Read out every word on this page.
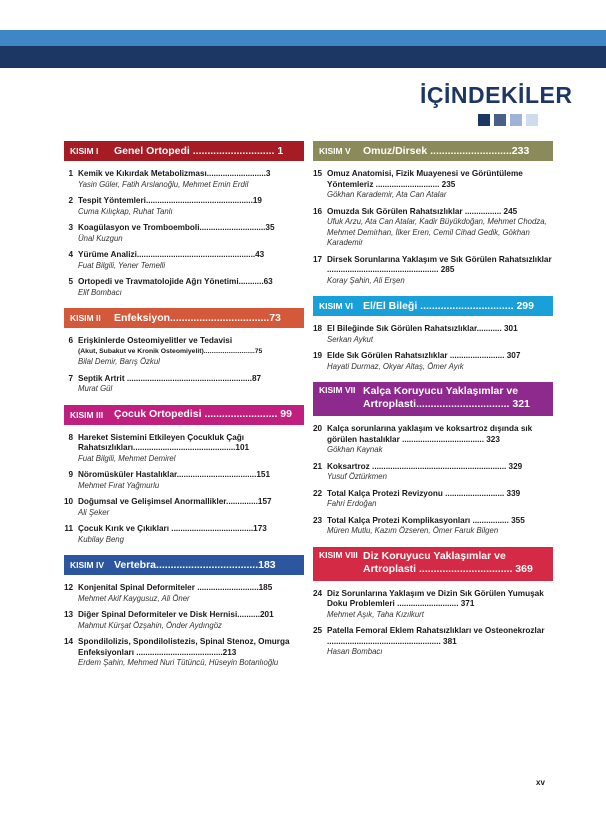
İÇİNDEKİLER
KISIM I	Genel Ortopedi ............................ 1
1 Kemik ve Kıkırdak Metabolizması..........................3
Yasin Güler, Fatih Arslanoğlu, Mehmet Emin Erdil
2 Tespit Yöntemleri...............................................19
Cuma Kılıçkap, Ruhat Tanlı
3 Koagülasyon ve Tromboemboli.............................35
Ünal Kuzgun
4 Yürüme Analizi....................................................43
Fuat Bilgili, Yener Temelli
5 Ortopedi ve Travmatolojide Ağrı Yönetimi...........63
Elif Bombacı
KISIM II	Enfeksiyon..................................73
6 Erişkinlerde Osteomiyelitler ve Tedavisi
(Akut, Subakut ve Kronik Osteomiyelit)...........................75
Bilal Demir, Barış Özkul
7 Septik Artrit .......................................................87
Murat Gül
KISIM III	Çocuk Ortopedisi ......................... 99
8 Hareket Sistemini Etkileyen Çocukluk Çağı Rahatsızlıkları.............................................101
Fuat Bilgili, Mehmet Demirel
9 Nöromüsküler Hastalıklar...................................151
Mehmet Fırat Yağmurlu
10 Doğumsal ve Gelişimsel Anormallikler..............157
Ali Şeker
11 Çocuk Kırık ve Çıkıkları ....................................173
Kubilay Beng
KISIM IV Vertebra...................................183
12 Konjenital Spinal Deformiteler ...........................185
Mehmet Akif Kaygusuz, Ali Öner
13 Diğer Spinal Deformiteler ve Disk Hernisi..........201
Mahmut Kürşat Özşahin, Önder Aydıngöz
14 Spondilolizis, Spondilolistezis, Spinal Stenoz, Omurga Enfeksiyonları ......................................213
Erdem Şahin, Mehmed Nuri Tütüncü, Hüseyin Botanlıoğlu
KISIM V	Omuz/Dirsek ............................233
15 Omuz Anatomisi, Fizik Muayenesi ve Görüntüleme Yöntemleriz ............................ 235
Gökhan Karademir, Ata Can Atalar
16 Omuzda Sık Görülen Rahatsızlıklar ................ 245
Ufuk Arzu, Ata Can Atalar, Kadir Büyükdoğan, Mehmet Chodza, Mehmet Demirhan, İlker Eren, Cemil Cihad Gedik, Gökhan Karademir
17 Dirsek Sorunlarına Yaklaşım ve Sık Görülen Rahatsızlıklar ................................................. 285
Koray Şahin, Ali Erşen
KISIM VI El/El Bileği ................................ 299
18 El Bileğinde Sık Görülen Rahatsızlıklar........... 301
Serkan Aykut
19 Elde Sık Görülen Rahatsızlıklar ........................ 307
Hayati Durmaz, Okyar Altaş, Ömer Ayık
KISIM VII Kalça Koruyucu Yaklaşımlar ve Artroplasti................................ 321
20 Kalça sorunlarına yaklaşım ve koksartroz dışında sık görülen hastalıklar .................................... 323
Gökhan Kaynak
21 Koksartroz ........................................................... 329
Yusuf Öztürkmen
22 Total Kalça Protezi Revizyonu .......................... 339
Fahri Erdoğan
23 Total Kalça Protezi Komplikasyonları ................ 355
Müren Mutlu, Kazım Özseren, Ömer Faruk Bilgen
KISIM VIII Diz Koruyucu Yaklaşımlar ve Artroplasti ................................ 369
24 Diz Sorunlarına Yaklaşım ve Dizin Sık Görülen Yumuşak Doku Problemleri ........................... 371
Mehmet Aşık, Taha Kızılkurt
25 Patella Femoral Eklem Rahatsızlıkları ve Osteonekrozlar .................................................. 381
Hasan Bombacı
xv
